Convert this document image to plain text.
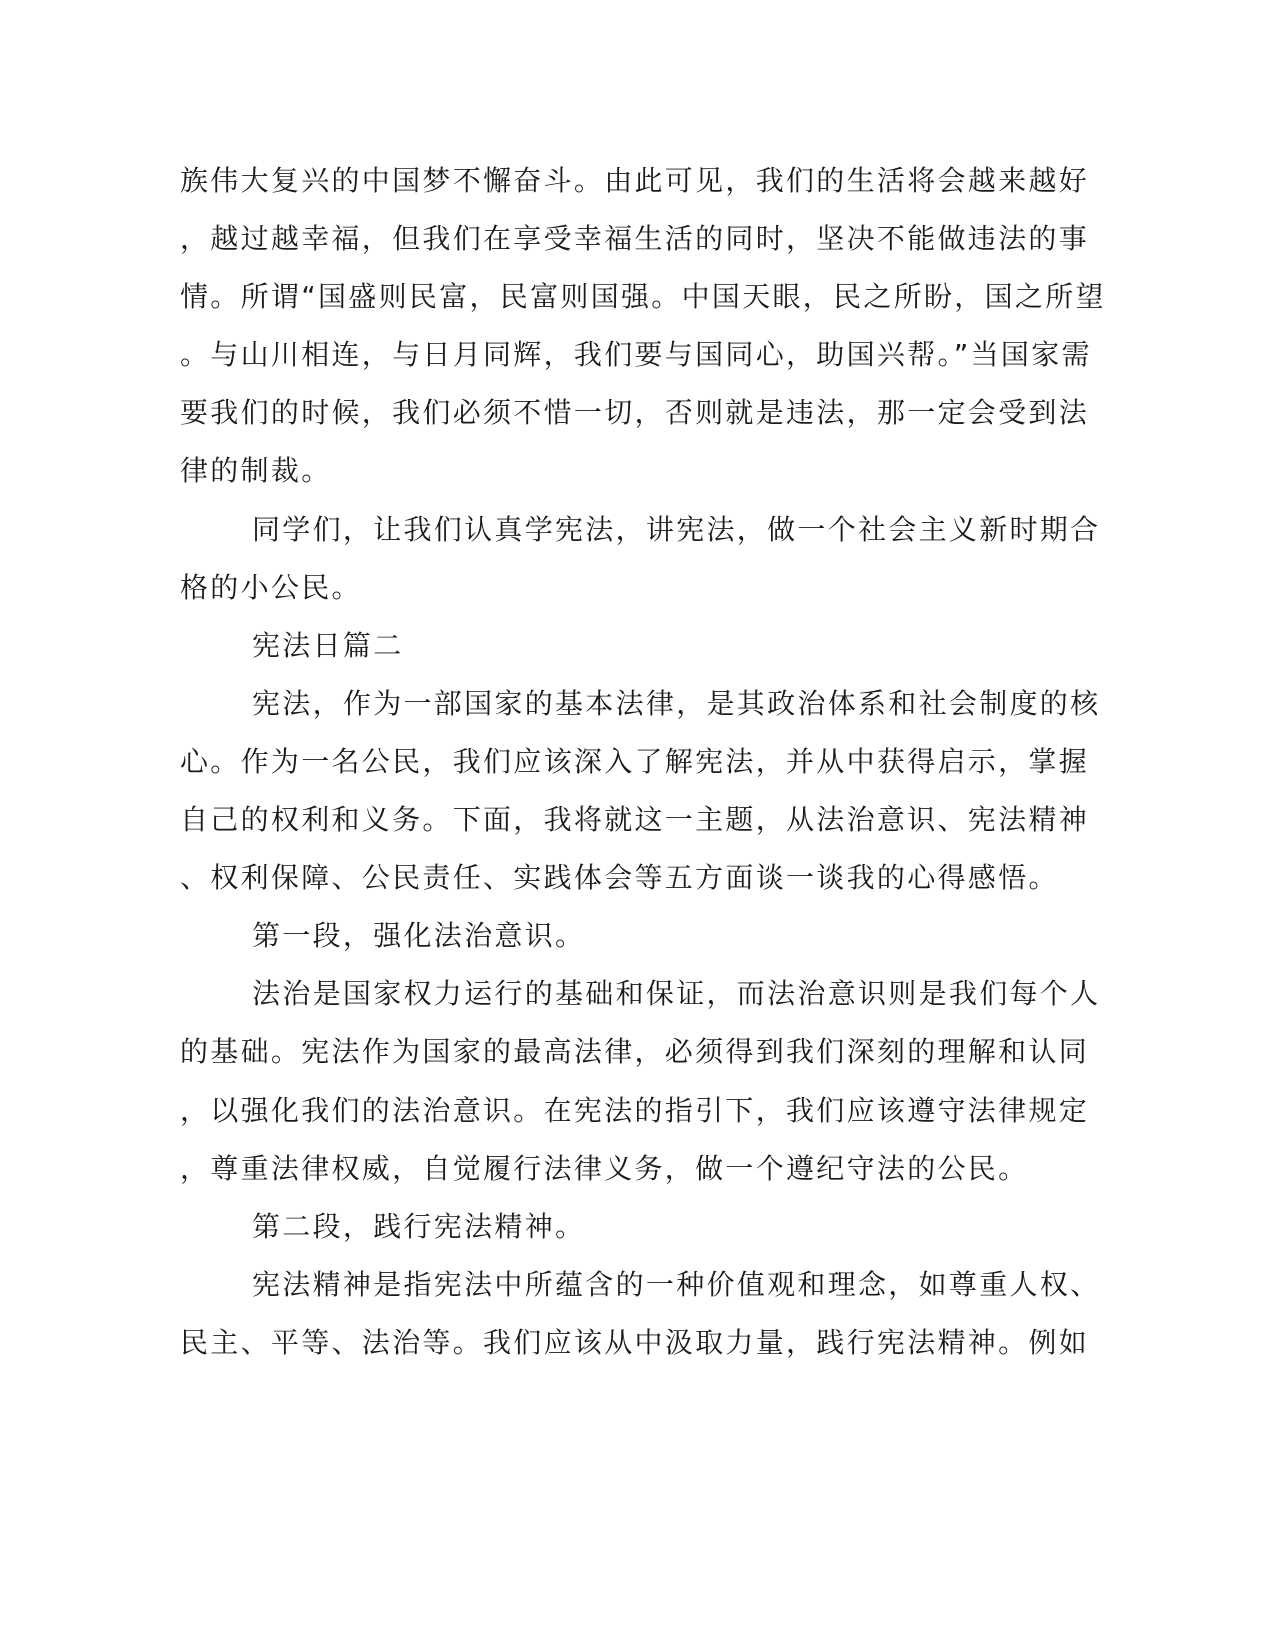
族伟大复兴的中国梦不懈奋斗。由此可见，我们的生活将会越来越好
，越过越幸福，但我们在享受幸福生活的同时，坚决不能做违法的事
情。所谓“国盛则民富，民富则国强。中国天眼，民之所盼，国之所望
。与山川相连，与日月同辉，我们要与国同心，助国兴帮。”当国家需
要我们的时候，我们必须不惜一切，否则就是违法，那一定会受到法
律的制裁。
同学们，让我们认真学宪法，讲宪法，做一个社会主义新时期合
格的小公民。
宪法日篇二
宪法，作为一部国家的基本法律，是其政治体系和社会制度的核
心。作为一名公民，我们应该深入了解宪法，并从中获得启示，掌握
自己的权利和义务。下面，我将就这一主题，从法治意识、宪法精神
、权利保障、公民责任、实践体会等五方面谈一谈我的心得感悟。
第一段，强化法治意识。
法治是国家权力运行的基础和保证，而法治意识则是我们每个人
的基础。宪法作为国家的最高法律，必须得到我们深刻的理解和认同
，以强化我们的法治意识。在宪法的指引下，我们应该遵守法律规定
，尊重法律权威，自觉履行法律义务，做一个遵纪守法的公民。
第二段，践行宪法精神。
宪法精神是指宪法中所蕴含的一种价值观和理念，如尊重人权、
民主、平等、法治等。我们应该从中汲取力量，践行宪法精神。例如
